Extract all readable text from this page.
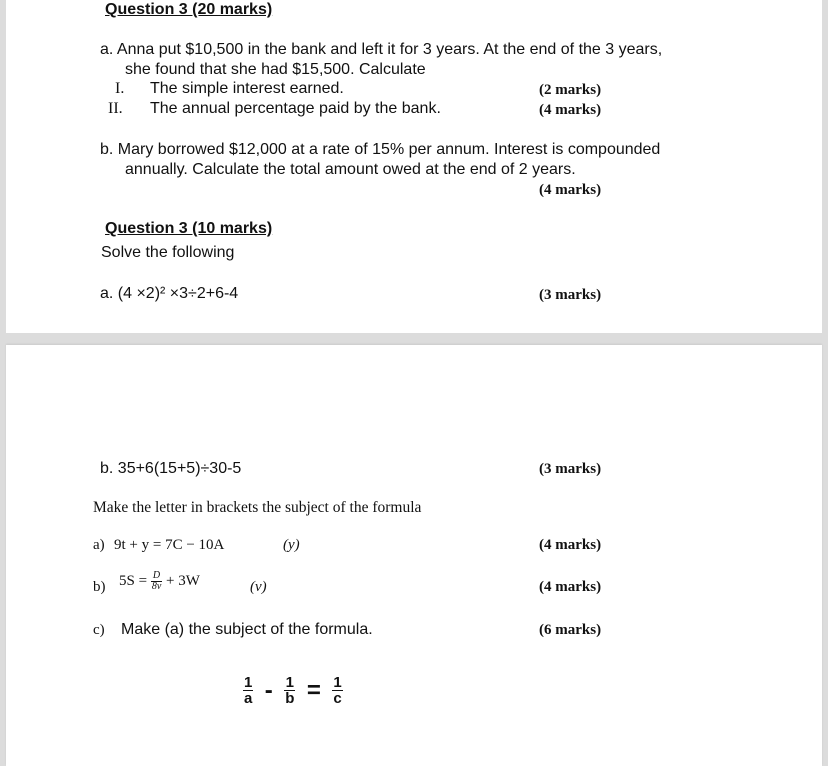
Question 3 (20 marks)
a. Anna put $10,500 in the bank and left it for 3 years. At the end of the 3 years,
she found that she had $15,500. Calculate
I. The simple interest earned.	(2 marks)
II. The annual percentage paid by the bank.	(4 marks)
b. Mary borrowed $12,000 at a rate of 15% per annum. Interest is compounded
annually. Calculate the total amount owed at the end of 2 years.
(4 marks)
Question 3 (10 marks)
Solve the following
a. (4 ×2)² ×3÷2+6-4	(3 marks)
b. 35+6(15+5)÷30-5	(3 marks)
Make the letter in brackets the subject of the formula
a) 9t + y = 7C − 10A	(y)	(4 marks)
b) $5S = \frac{D}{8v} + 3W$	(v)	(4 marks)
c) Make (a) the subject of the formula.	(6 marks)
$\frac{1}{a} - \frac{1}{b} = \frac{1}{c}$
